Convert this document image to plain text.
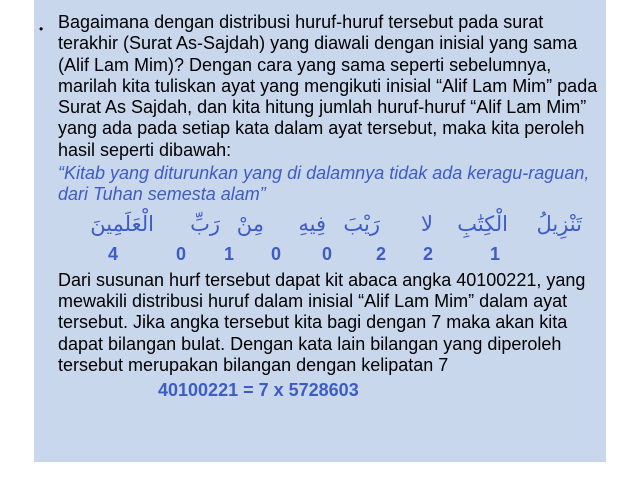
• Bagaimana dengan distribusi huruf-huruf tersebut pada surat terakhir (Surat As-Sajdah) yang diawali dengan inisial yang sama (Alif Lam Mim)? Dengan cara yang sama seperti sebelumnya, marilah kita tuliskan ayat yang mengikuti inisial “Alif Lam Mim” pada Surat As Sajdah, dan kita hitung jumlah huruf-huruf “Alif Lam Mim” yang ada pada setiap kata dalam ayat tersebut, maka kita peroleh hasil seperti dibawah:

“Kitab yang diturunkan yang di dalamnya tidak ada keragu-raguan, dari Tuhan semesta alam”

تَنْزِيلُ
الْكِتَٰبِ
لا
رَيْبَ
فِيهِ
مِنْ
رَبِّ
الْعَلَمِينَ
1
2
2
0
0
1
0
4

Dari susunan hurf tersebut dapat kit abaca angka 40100221, yang mewakili distribusi huruf dalam inisial “Alif Lam Mim” dalam ayat tersebut. Jika angka tersebut kita bagi dengan 7 maka akan kita dapat bilangan bulat. Dengan kata lain bilangan yang diperoleh tersebut merupakan bilangan dengan kelipatan 7

40100221 = 7 x 5728603
